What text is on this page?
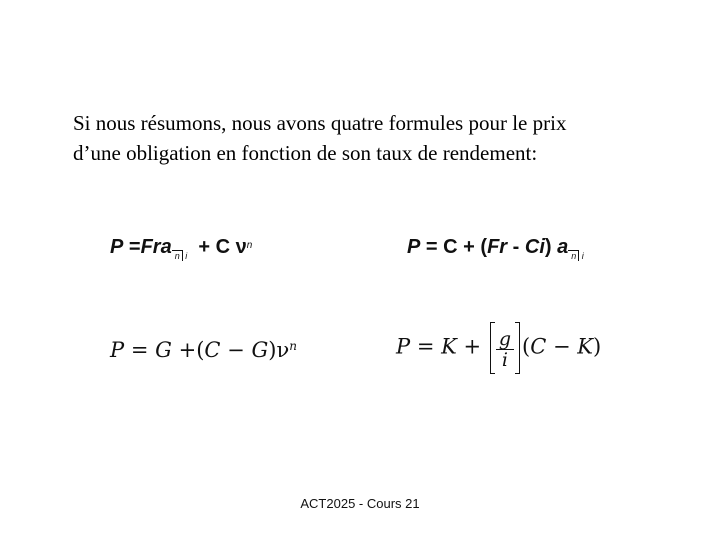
Si nous résumons, nous avons quatre formules pour le prix
d’une obligation en fonction de son taux de rendement:
P =Fra $_{n i}$ + C $\nu^n$	P = C + (Fr - Ci) a $_{n i}$
$P = G +(C - G)\nu^n$	$P = K + \frac{g}{i} (C - K)$
ACT2025 - Cours 21
